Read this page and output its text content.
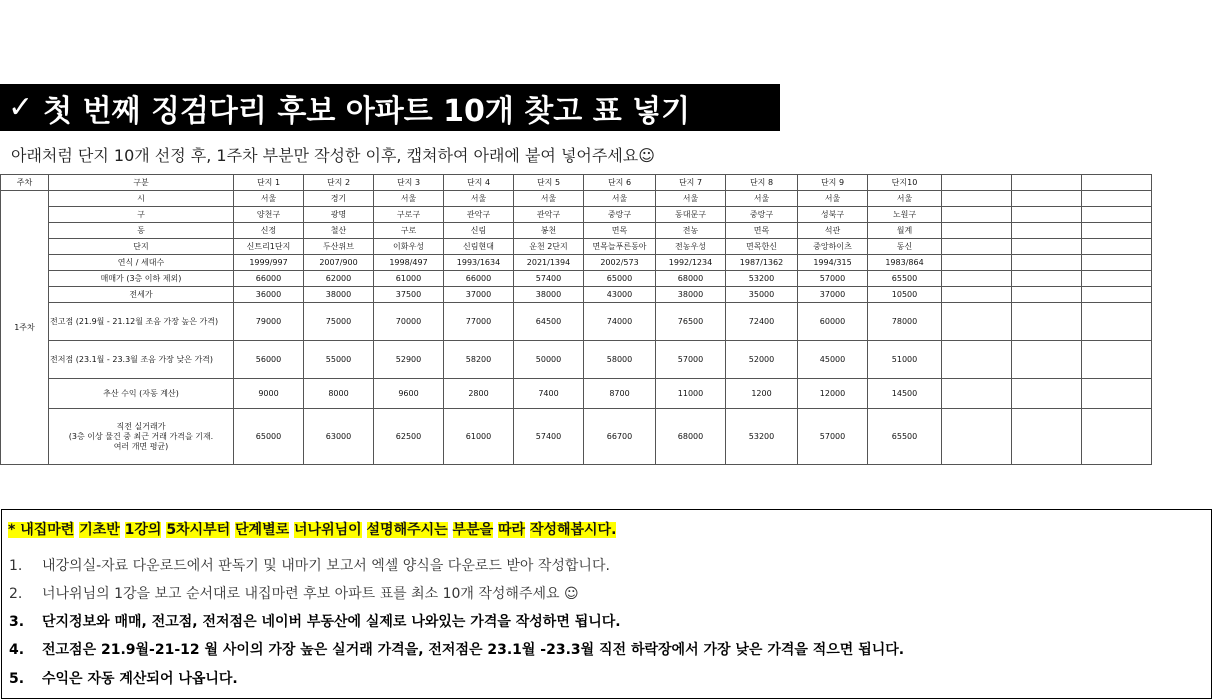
✓ 첫 번째 징검다리 후보 아파트 10개 찾고 표 넣기
아래처럼 단지 10개 선정 후, 1주차 부분만 작성한 이후, 캡쳐하여 아래에 붙여 넣어주세요☺
주차	구분	단지 1	단지 2	단지 3	단지 4	단지 5	단지 6	단지 7	단지 8	단지 9	단지10			
1주차	시	서울	경기	서울	서울	서울	서울	서울	서울	서울	서울			
	구	양천구	광명	구로구	관악구	관악구	중랑구	동대문구	중랑구	성북구	노원구			
	동	신정	철산	구로	신림	봉천	면목	전농	면목	석관	월계			
	단지	신트리1단지	두산위브	이화우성	신림현대	운천 2단지	면목늘푸른동아	전농우성	면목한신	중앙하이츠	동신			
	연식 / 세대수	1999/997	2007/900	1998/497	1993/1634	2021/1394	2002/573	1992/1234	1987/1362	1994/315	1983/864			
	매매가 (3층 이하 제외)	66000	62000	61000	66000	57400	65000	68000	53200	57000	65500			
	전세가	36000	38000	37500	37000	38000	43000	38000	35000	37000	10500			
	전고점 (21.9월 - 21.12월 조음 가장 높은 가격)	79000	75000	70000	77000	64500	74000	76500	72400	60000	78000			
	전저점 (23.1월 - 23.3월 조음 가장 낮은 가격)	56000	55000	52900	58200	50000	58000	57000	52000	45000	51000			
	추산 수익 (자동 계산)	9000	8000	9600	2800	7400	8700	11000	1200	12000	14500			
	직전 실거래가
(3층 이상 물건 중 최근 거래 가격을 기재.
여러 개면 평균)	65000	63000	62500	61000	57400	66700	68000	53200	57000	65500			
* 내집마련 기초반 1강의 5차시부터 단계별로 너나위님이 설명해주시는 부분을 따라 작성해봅시다.
1. 내강의실-자료 다운로드에서 판독기 및 내마기 보고서 엑셀 양식을 다운로드 받아 작성합니다.
2. 너나위님의 1강을 보고 순서대로 내집마련 후보 아파트 표를 최소 10개 작성해주세요 ☺
3. 단지정보와 매매, 전고점, 전저점은 네이버 부동산에 실제로 나와있는 가격을 작성하면 됩니다.
4. 전고점은 21.9월-21-12 월 사이의 가장 높은 실거래 가격을, 전저점은 23.1월 -23.3월 직전 하락장에서 가장 낮은 가격을 적으면 됩니다.
5. 수익은 자동 계산되어 나옵니다.
